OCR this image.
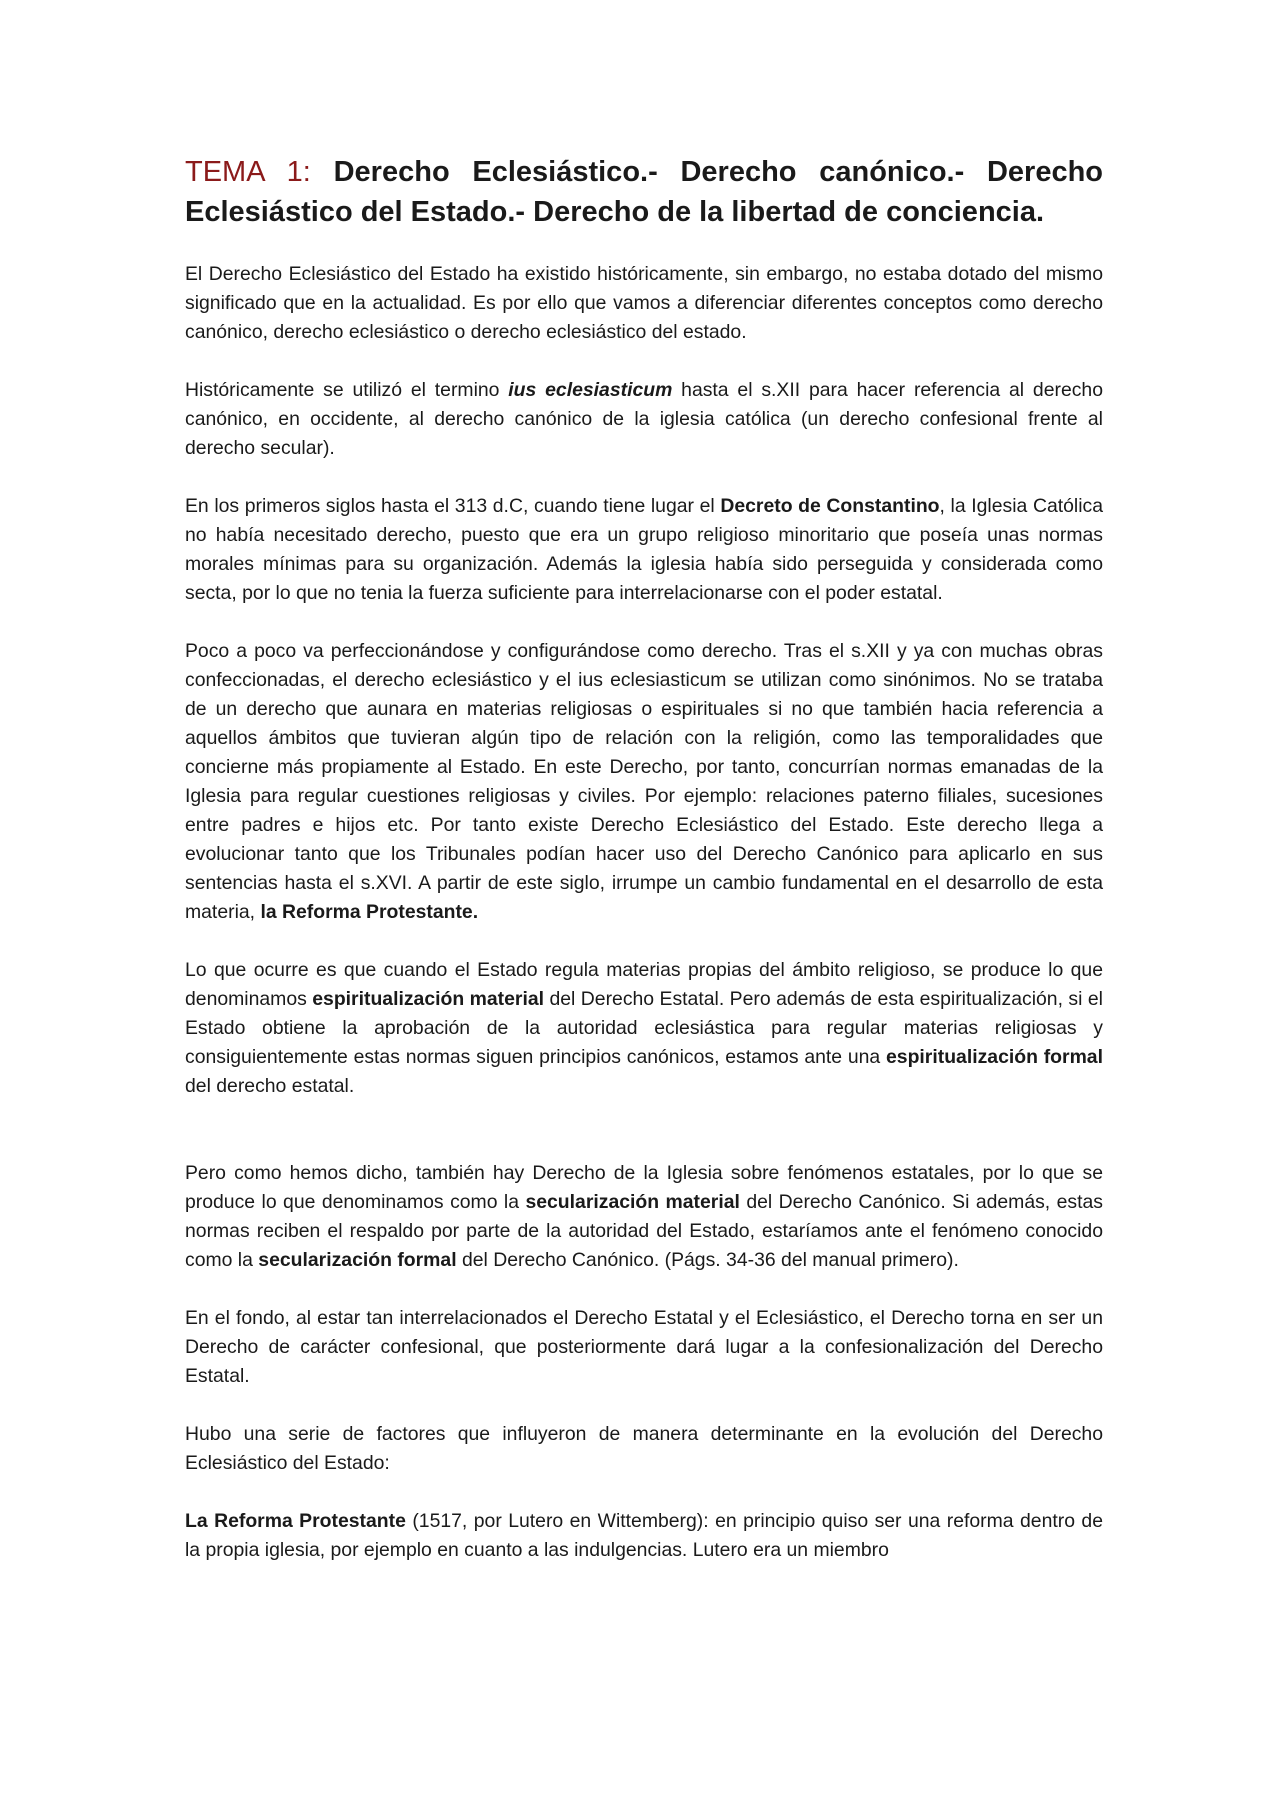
TEMA 1: Derecho Eclesiástico.- Derecho canónico.- Derecho Eclesiástico del Estado.- Derecho de la libertad de conciencia.

El Derecho Eclesiástico del Estado ha existido históricamente, sin embargo, no estaba dotado del mismo significado que en la actualidad. Es por ello que vamos a diferenciar diferentes conceptos como derecho canónico, derecho eclesiástico o derecho eclesiástico del estado.

Históricamente se utilizó el termino ius eclesiasticum hasta el s.XII para hacer referencia al derecho canónico, en occidente, al derecho canónico de la iglesia católica (un derecho confesional frente al derecho secular).

En los primeros siglos hasta el 313 d.C, cuando tiene lugar el Decreto de Constantino, la Iglesia Católica no había necesitado derecho, puesto que era un grupo religioso minoritario que poseía unas normas morales mínimas para su organización. Además la iglesia había sido perseguida y considerada como secta, por lo que no tenia la fuerza suficiente para interrelacionarse con el poder estatal.

Poco a poco va perfeccionándose y configurándose como derecho. Tras el s.XII y ya con muchas obras confeccionadas, el derecho eclesiástico y el ius eclesiasticum se utilizan como sinónimos. No se trataba de un derecho que aunara en materias religiosas o espirituales si no que también hacia referencia a aquellos ámbitos que tuvieran algún tipo de relación con la religión, como las temporalidades que concierne más propiamente al Estado. En este Derecho, por tanto, concurrían normas emanadas de la Iglesia para regular cuestiones religiosas y civiles. Por ejemplo: relaciones paterno filiales, sucesiones entre padres e hijos etc. Por tanto existe Derecho Eclesiástico del Estado. Este derecho llega a evolucionar tanto que los Tribunales podían hacer uso del Derecho Canónico para aplicarlo en sus sentencias hasta el s.XVI. A partir de este siglo, irrumpe un cambio fundamental en el desarrollo de esta materia, la Reforma Protestante.

Lo que ocurre es que cuando el Estado regula materias propias del ámbito religioso, se produce lo que denominamos espiritualización material del Derecho Estatal. Pero además de esta espiritualización, si el Estado obtiene la aprobación de la autoridad eclesiástica para regular materias religiosas y consiguientemente estas normas siguen principios canónicos, estamos ante una espiritualización formal del derecho estatal.

Pero como hemos dicho, también hay Derecho de la Iglesia sobre fenómenos estatales, por lo que se produce lo que denominamos como la secularización material del Derecho Canónico. Si además, estas normas reciben el respaldo por parte de la autoridad del Estado, estaríamos ante el fenómeno conocido como la secularización formal del Derecho Canónico. (Págs. 34-36 del manual primero).

En el fondo, al estar tan interrelacionados el Derecho Estatal y el Eclesiástico, el Derecho torna en ser un Derecho de carácter confesional, que posteriormente dará lugar a la confesionalización del Derecho Estatal.

Hubo una serie de factores que influyeron de manera determinante en la evolución del Derecho Eclesiástico del Estado:

La Reforma Protestante (1517, por Lutero en Wittemberg): en principio quiso ser una reforma dentro de la propia iglesia, por ejemplo en cuanto a las indulgencias. Lutero era un miembro
